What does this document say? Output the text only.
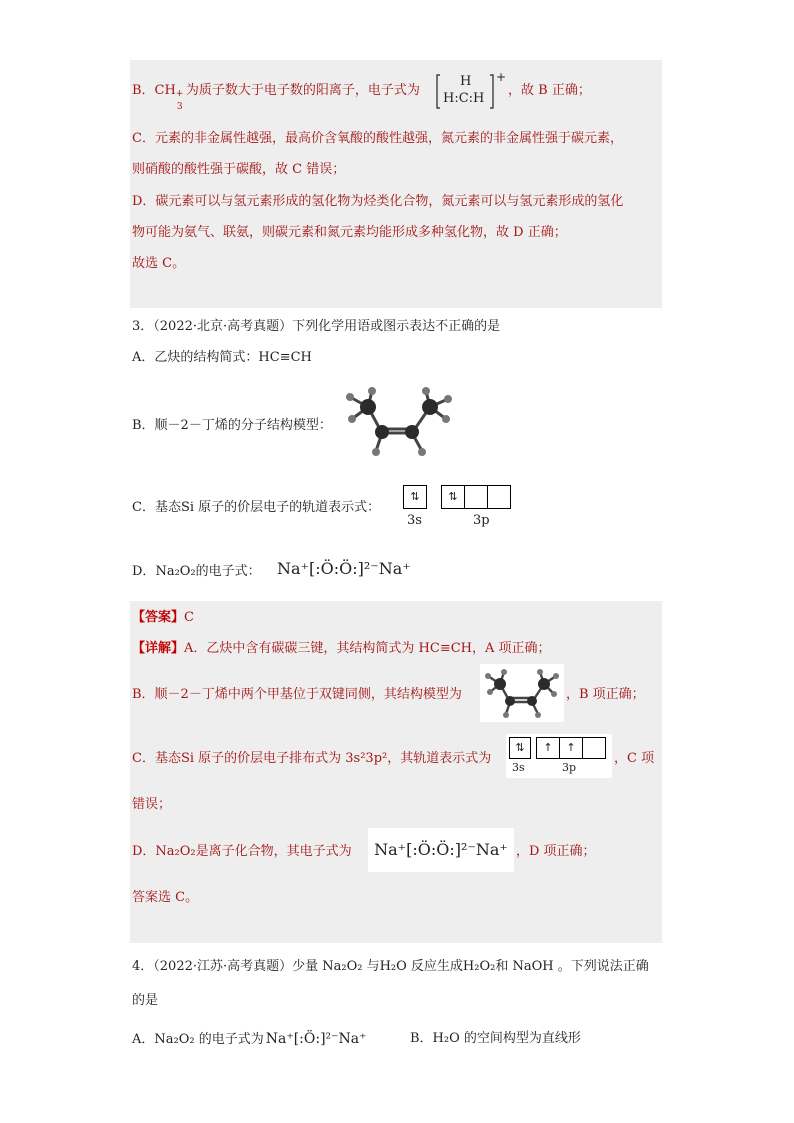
B．CH +
3
为质子数大于电子数的阳离子，电子式为
H
H:C:H
+
，故 B 正确；
C．元素的非金属性越强，最高价含氧酸的酸性越强，氮元素的非金属性强于碳元素，
则硝酸的酸性强于碳酸，故 C 错误；
D．碳元素可以与氢元素形成的氢化物为烃类化合物，氮元素可以与氢元素形成的氢化
物可能为氨气、联氨，则碳元素和氮元素均能形成多种氢化物，故 D 正确；
故选 C。
3．（2022·北京·高考真题）下列化学用语或图示表达不正确的是
A．乙炔的结构简式：HC≡CH
B．顺－2－丁烯的分子结构模型：
C．基态Si 原子的价层电子的轨道表示式：
⇅	⇅
3s	3p
D．Na₂O₂的电子式： Na⁺[:Ö:Ö:]²⁻Na⁺
【答案】C
【详解】A．乙炔中含有碳碳三键，其结构简式为 HC≡CH，A 项正确；
B．顺－2－丁烯中两个甲基位于双键同侧，其结构模型为	，B 项正确；
C．基态Si 原子的价层电子排布式为 3s²3p²，其轨道表示式为
⇅	↑	↑
3s	3p
，C 项
错误；
D．Na₂O₂是离子化合物，其电子式为	Na⁺[:Ö:Ö:]²⁻Na⁺ ，D 项正确；
答案选 C。
4．（2022·江苏·高考真题）少量 Na₂O₂ 与H₂O 反应生成H₂O₂和 NaOH 。下列说法正确
的是
A．Na₂O₂ 的电子式为 Na⁺[:Ö:]²⁻Na⁺	B．H₂O 的空间构型为直线形
